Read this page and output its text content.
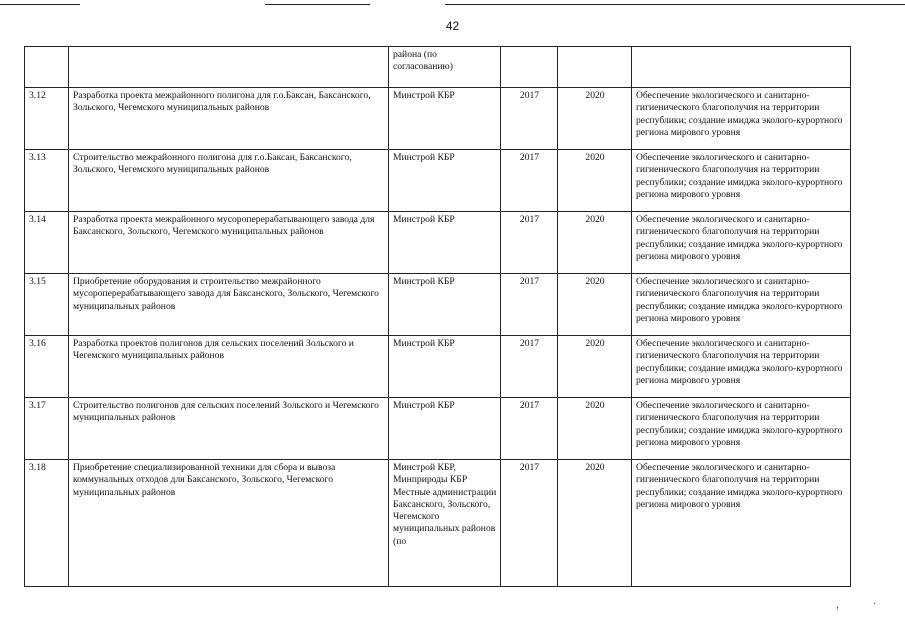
42
		района (по согласованию)			
3.12	Разработка проекта межрайонного полигона для г.о.Баксан, Баксанского, Зольского, Чегемского муниципальных районов	Минстрой КБР	2017	2020	Обеспечение экологического и санитарно-гигиенического благополучия на территории республики; создание имиджа эколого-курортного региона мирового уровня
3.13	Строительство межрайонного полигона для г.о.Баксан, Баксанского, Зольского, Чегемского муниципальных районов	Минстрой КБР	2017	2020	Обеспечение экологического и санитарно-гигиенического благополучия на территории республики; создание имиджа эколого-курортного региона мирового уровня
3.14	Разработка проекта межрайонного мусороперерабатывающего завода для Баксанского, Зольского, Чегемского муниципальных районов	Минстрой КБР	2017	2020	Обеспечение экологического и санитарно-гигиенического благополучия на территории республики; создание имиджа эколого-курортного региона мирового уровня
3.15	Приобретение оборудования и строительство межрайонного мусороперерабатывающего завода для Баксанского, Зольского, Чегемского муниципальных районов	Минстрой КБР	2017	2020	Обеспечение экологического и санитарно-гигиенического благополучия на территории республики; создание имиджа эколого-курортного региона мирового уровня
3.16	Разработка проектов полигонов для сельских поселений Зольского и Чегемского муниципальных районов	Минстрой КБР	2017	2020	Обеспечение экологического и санитарно-гигиенического благополучия на территории республики; создание имиджа эколого-курортного региона мирового уровня
3.17	Строительство полигонов для сельских поселений Зольского и Чегемского муниципальных районов	Минстрой КБР	2017	2020	Обеспечение экологического и санитарно-гигиенического благополучия на территории республики; создание имиджа эколого-курортного региона мирового уровня
3.18	Приобретение специализированной техники для сбора и вывоза коммунальных отходов для Баксанского, Зольского, Чегемского муниципальных районов	Минстрой КБР, Минприроды КБР Местные администрации Баксанского, Зольского, Чегемского муниципальных районов (по	2017	2020	Обеспечение экологического и санитарно-гигиенического благополучия на территории республики; создание имиджа эколого-курортного региона мирового уровня
,	·
